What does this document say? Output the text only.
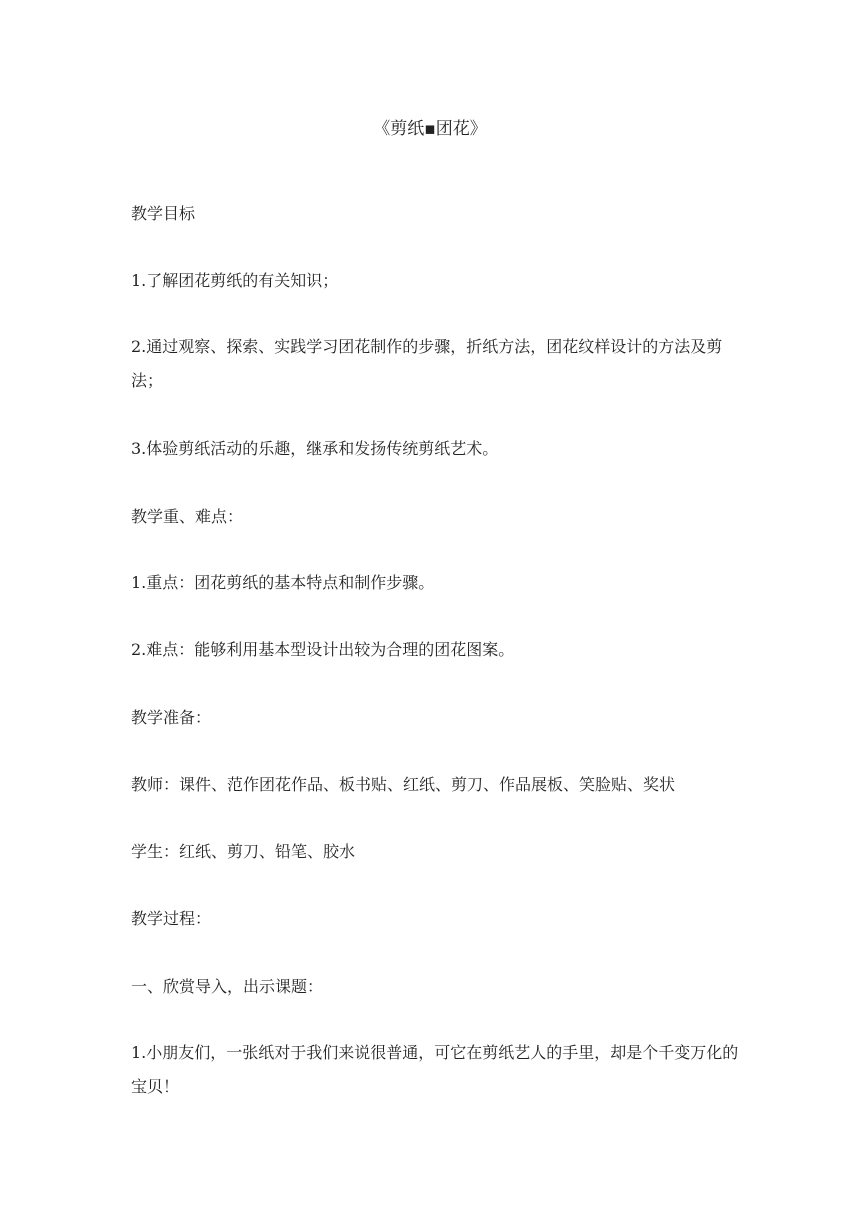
《剪纸▪团花》

教学目标

1.了解团花剪纸的有关知识；

2.通过观察、探索、实践学习团花制作的步骤，折纸方法，团花纹样设计的方法及剪法；

3.体验剪纸活动的乐趣，继承和发扬传统剪纸艺术。

教学重、难点：

1.重点：团花剪纸的基本特点和制作步骤。

2.难点：能够利用基本型设计出较为合理的团花图案。

教学准备：

教师：课件、范作团花作品、板书贴、红纸、剪刀、作品展板、笑脸贴、奖状

学生：红纸、剪刀、铅笔、胶水

教学过程：

一、欣赏导入，出示课题：

1.小朋友们，一张纸对于我们来说很普通，可它在剪纸艺人的手里，却是个千变万化的宝贝！
